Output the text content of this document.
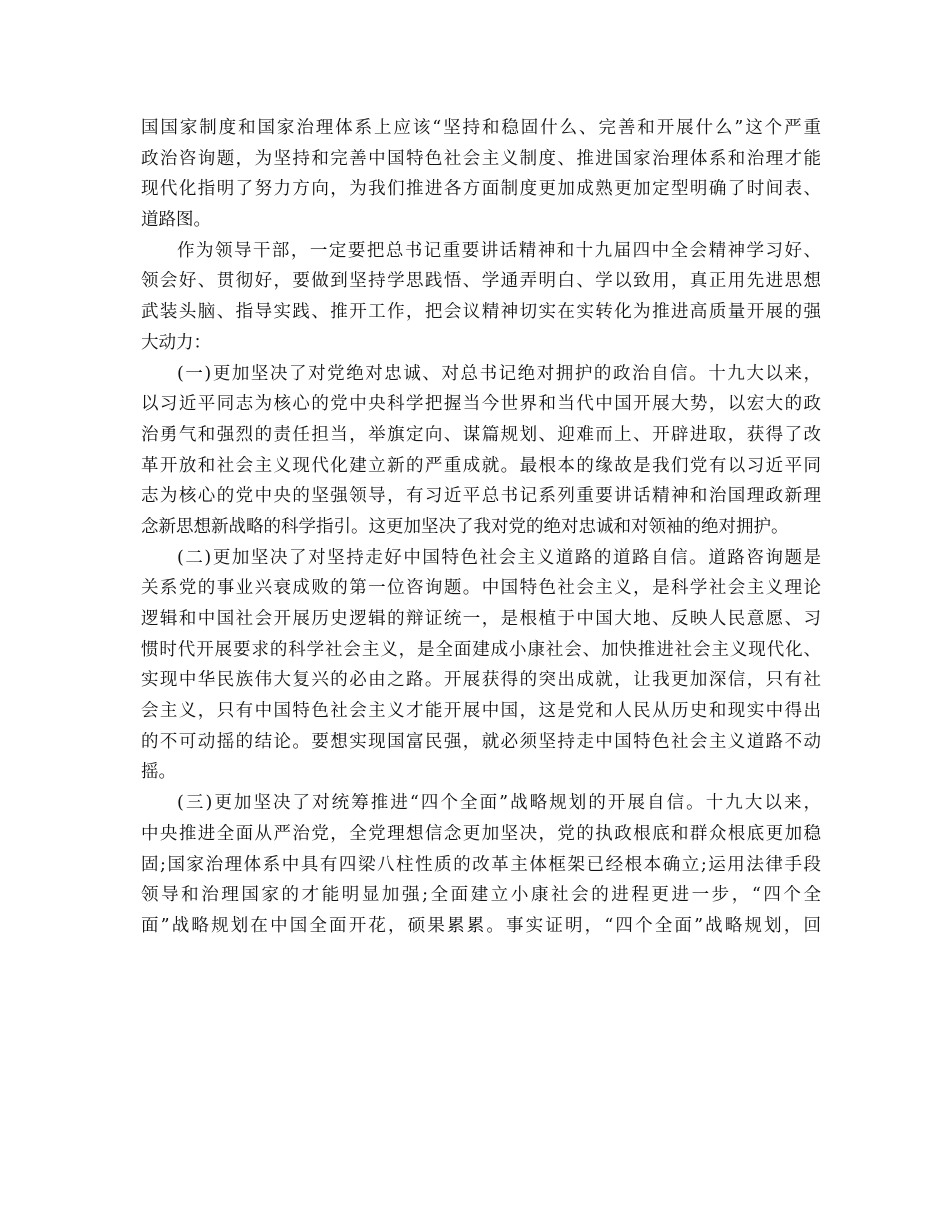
国国家制度和国家治理体系上应该“坚持和稳固什么、完善和开展什么”这个严重
政治咨询题，为坚持和完善中国特色社会主义制度、推进国家治理体系和治理才能
现代化指明了努力方向，为我们推进各方面制度更加成熟更加定型明确了时间表、
道路图。
作为领导干部，一定要把总书记重要讲话精神和十九届四中全会精神学习好、
领会好、贯彻好，要做到坚持学思践悟、学通弄明白、学以致用，真正用先进思想
武装头脑、指导实践、推开工作，把会议精神切实在实转化为推进高质量开展的强
大动力：
(一)更加坚决了对党绝对忠诚、对总书记绝对拥护的政治自信。十九大以来，
以习近平同志为核心的党中央科学把握当今世界和当代中国开展大势，以宏大的政
治勇气和强烈的责任担当，举旗定向、谋篇规划、迎难而上、开辟进取，获得了改
革开放和社会主义现代化建立新的严重成就。最根本的缘故是我们党有以习近平同
志为核心的党中央的坚强领导，有习近平总书记系列重要讲话精神和治国理政新理
念新思想新战略的科学指引。这更加坚决了我对党的绝对忠诚和对领袖的绝对拥护。
(二)更加坚决了对坚持走好中国特色社会主义道路的道路自信。道路咨询题是
关系党的事业兴衰成败的第一位咨询题。中国特色社会主义，是科学社会主义理论
逻辑和中国社会开展历史逻辑的辩证统一，是根植于中国大地、反映人民意愿、习
惯时代开展要求的科学社会主义，是全面建成小康社会、加快推进社会主义现代化、
实现中华民族伟大复兴的必由之路。开展获得的突出成就，让我更加深信，只有社
会主义，只有中国特色社会主义才能开展中国，这是党和人民从历史和现实中得出
的不可动摇的结论。要想实现国富民强，就必须坚持走中国特色社会主义道路不动
摇。
(三)更加坚决了对统筹推进“四个全面”战略规划的开展自信。十九大以来，
中央推进全面从严治党，全党理想信念更加坚决，党的执政根底和群众根底更加稳
固;国家治理体系中具有四梁八柱性质的改革主体框架已经根本确立;运用法律手段
领导和治理国家的才能明显加强;全面建立小康社会的进程更进一步，“四个全
面”战略规划在中国全面开花，硕果累累。事实证明，“四个全面”战略规划，回
